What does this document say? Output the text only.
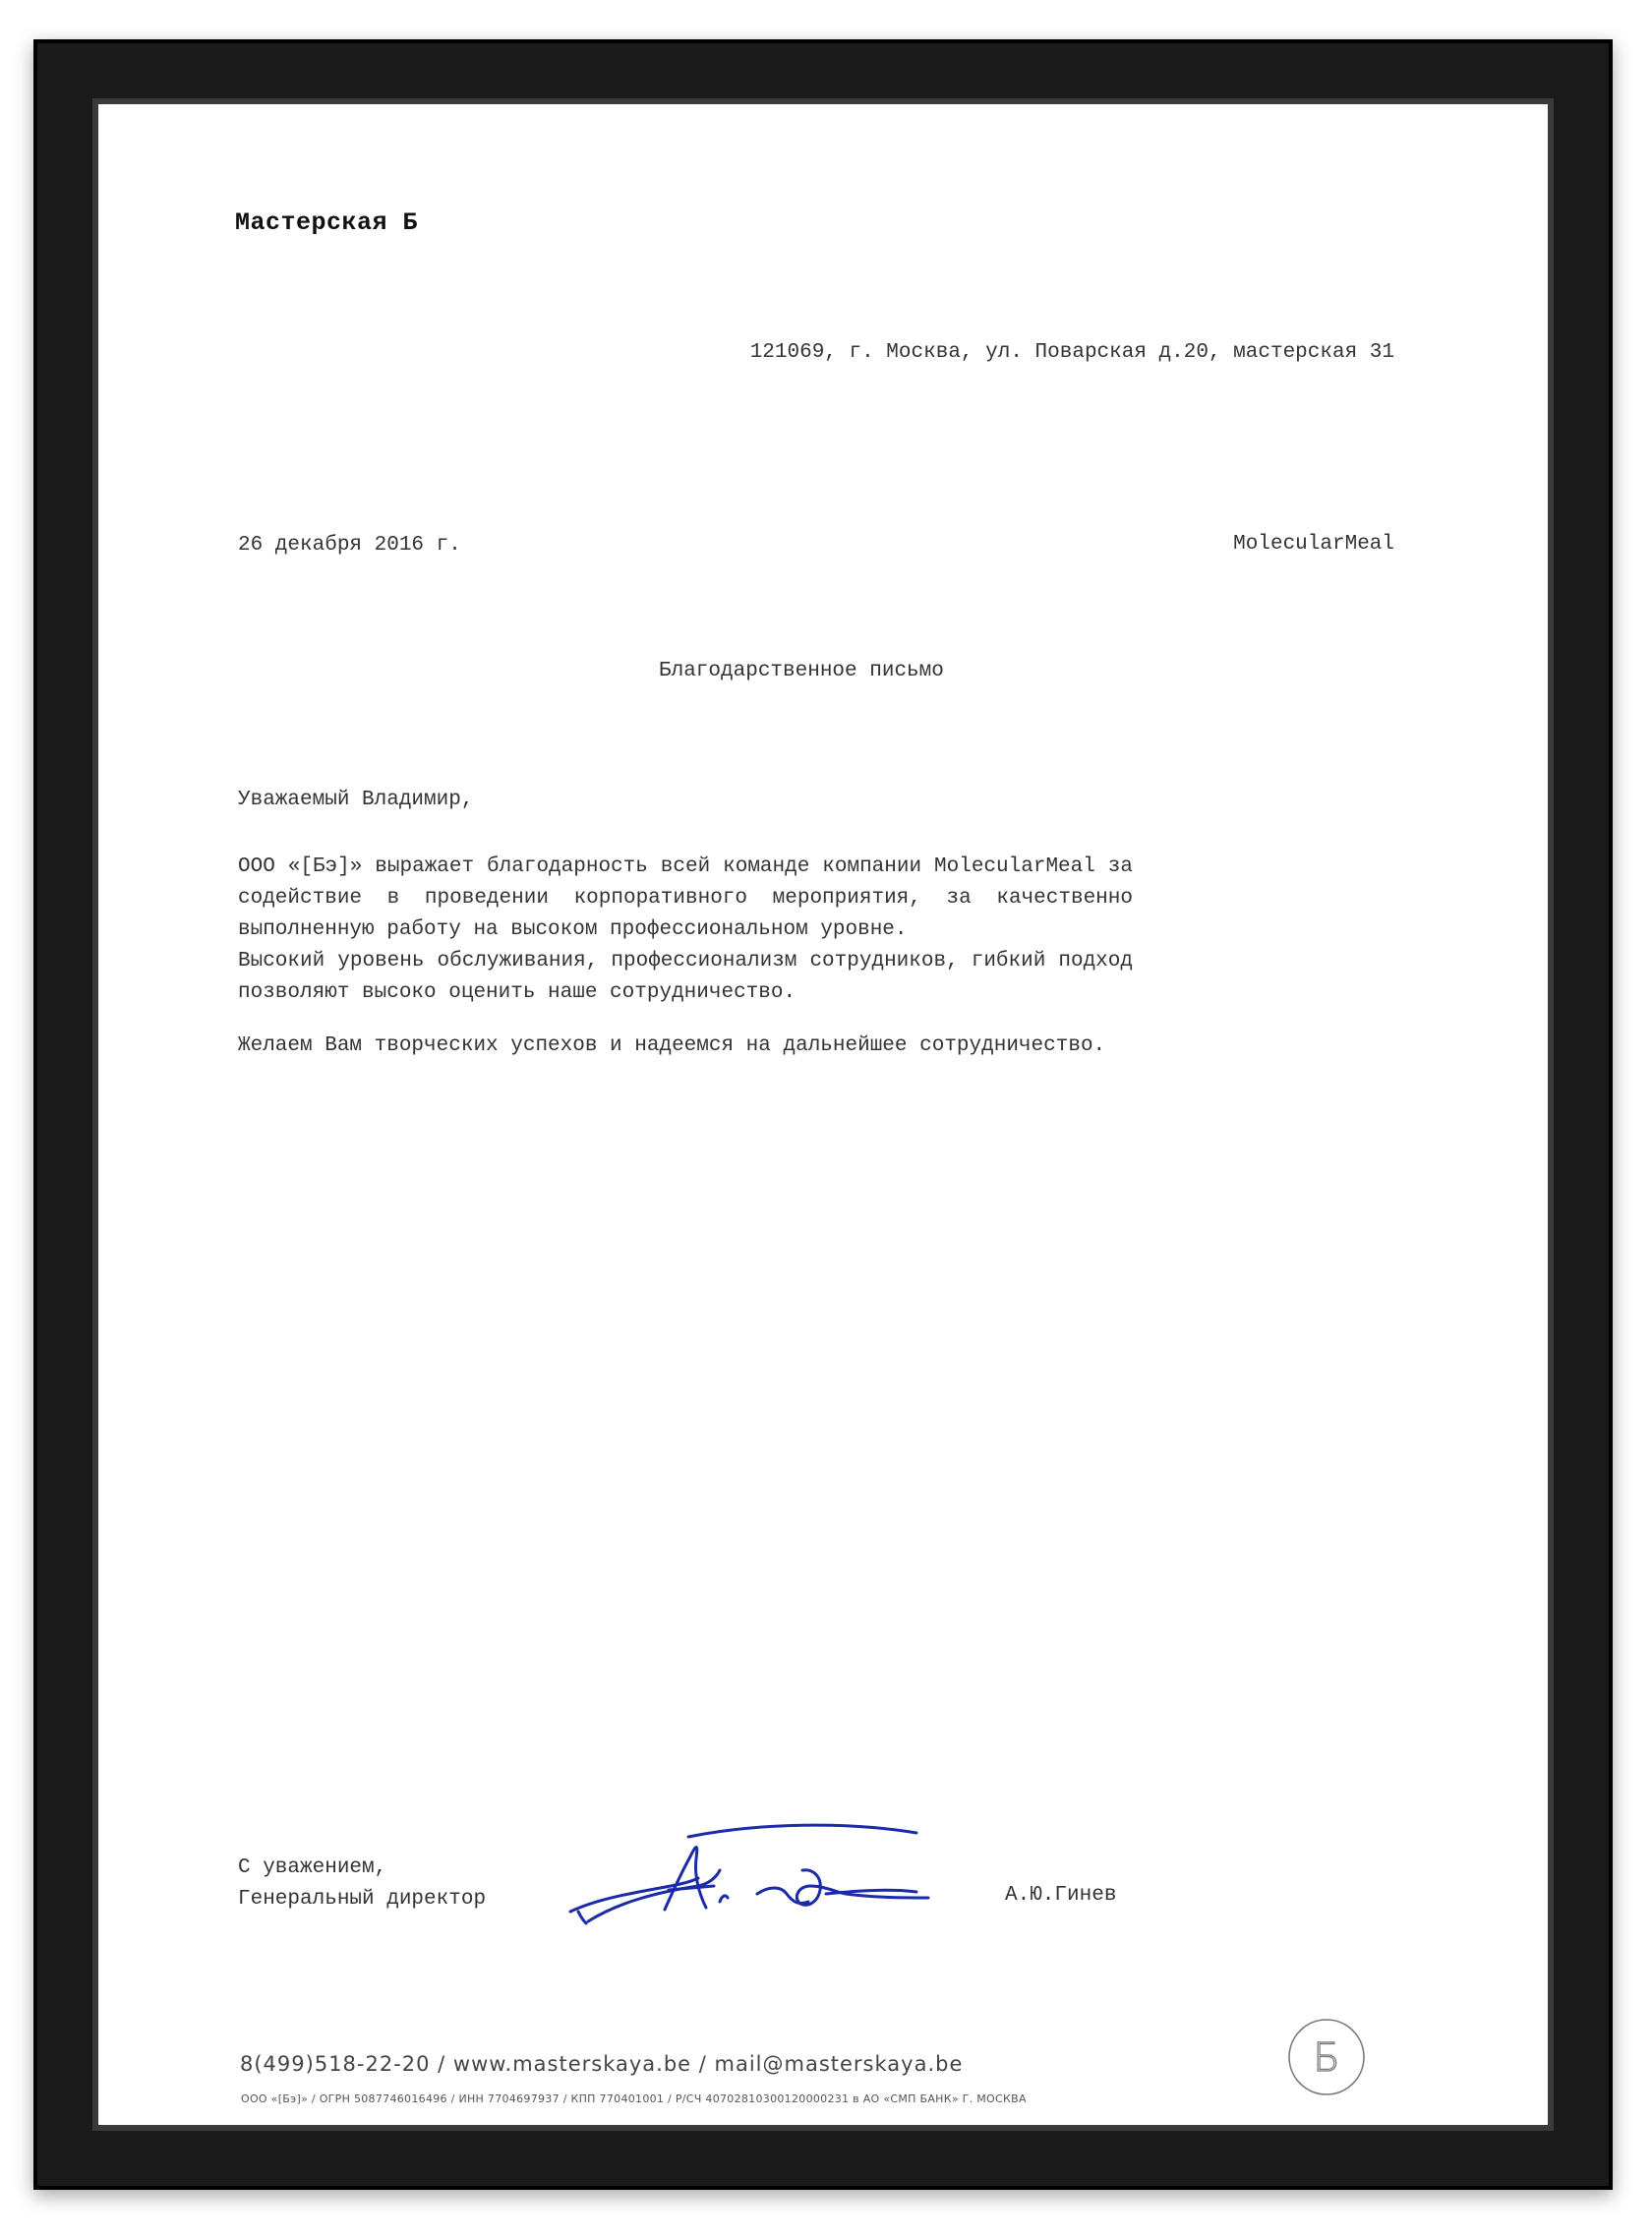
Мастерская Б
121069, г. Москва, ул. Поварская д.20, мастерская 31
26 декабря 2016 г.	MolecularMeal
Благодарственное письмо
Уважаемый Владимир,

ООО «[Бэ]» выражает благодарность всей команде компании MolecularMeal за содействие в проведении корпоративного мероприятия, за качественно выполненную работу на высоком профессиональном уровне.

Высокий уровень обслуживания, профессионализм сотрудников, гибкий подход позволяют высоко оценить наше сотрудничество.

Желаем Вам творческих успехов и надеемся на дальнейшее сотрудничество.

С уважением,
Генеральный директор	А.Ю.Гинев
8(499)518-22-20 / www.masterskaya.be / mail@masterskaya.be
ООО «[Бэ]» / ОГРН 5087746016496 / ИНН 7704697937 / КПП 770401001 / Р/СЧ 40702810300120000231 в АО «СМП БАНК» Г. МОСКВА
Б
